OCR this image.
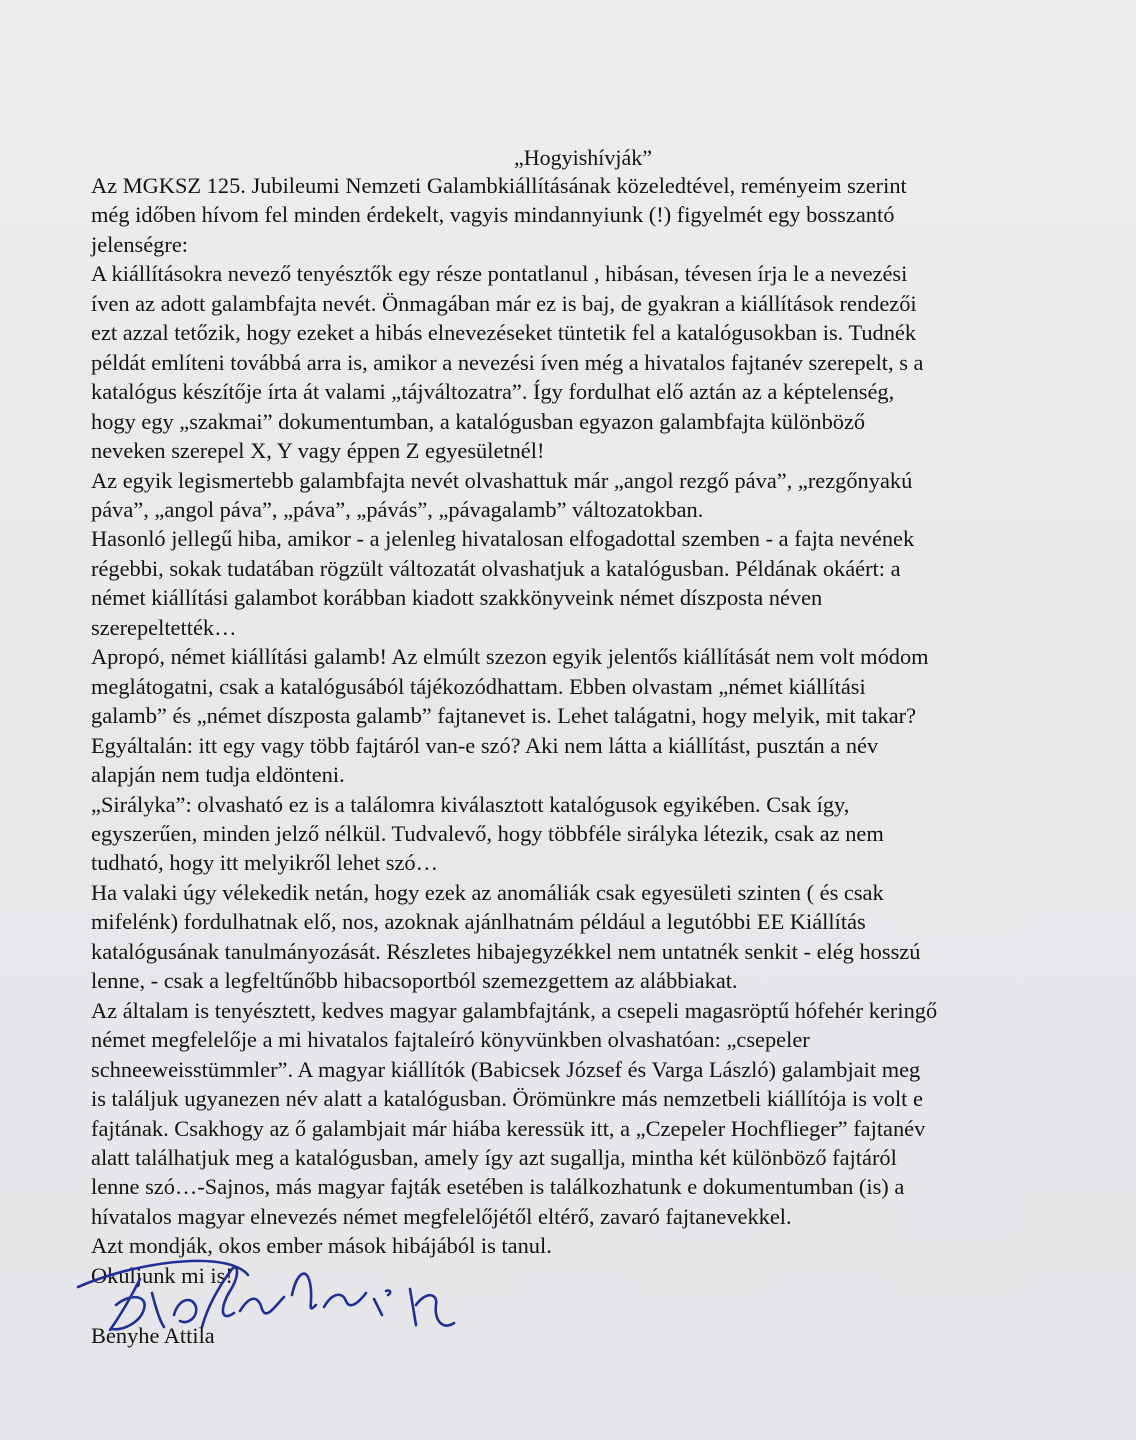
„Hogyishívják”
Az MGKSZ 125. Jubileumi Nemzeti Galambkiállításának közeledtével, reményeim szerint
még időben hívom fel minden érdekelt, vagyis mindannyiunk (!) figyelmét egy bosszantó
jelenségre:
A kiállításokra nevező tenyésztők egy része pontatlanul , hibásan, tévesen írja le a nevezési
íven az adott galambfajta nevét. Önmagában már ez is baj, de gyakran a kiállítások rendezői
ezt azzal tetőzik, hogy ezeket a hibás elnevezéseket tüntetik fel a katalógusokban is. Tudnék
példát említeni továbbá arra is, amikor a nevezési íven még a hivatalos fajtanév szerepelt, s a
katalógus készítője írta át valami „tájváltozatra”. Így fordulhat elő aztán az a képtelenség,
hogy egy „szakmai” dokumentumban, a katalógusban egyazon galambfajta különböző
neveken szerepel X, Y vagy éppen Z egyesületnél!
Az egyik legismertebb galambfajta nevét olvashattuk már „angol rezgő páva”, „rezgőnyakú
páva”, „angol páva”, „páva”, „pávás”, „pávagalamb” változatokban.
Hasonló jellegű hiba, amikor - a jelenleg hivatalosan elfogadottal szemben - a fajta nevének
régebbi, sokak tudatában rögzült változatát olvashatjuk a katalógusban. Példának okáért: a
német kiállítási galambot korábban kiadott szakkönyveink német díszposta néven
szerepeltették…
Apropó, német kiállítási galamb! Az elmúlt szezon egyik jelentős kiállítását nem volt módom
meglátogatni, csak a katalógusából tájékozódhattam. Ebben olvastam „német kiállítási
galamb” és „német díszposta galamb” fajtanevet is. Lehet talágatni, hogy melyik, mit takar?
Egyáltalán: itt egy vagy több fajtáról van-e szó? Aki nem látta a kiállítást, pusztán a név
alapján nem tudja eldönteni.
„Sirályka”: olvasható ez is a találomra kiválasztott katalógusok egyikében. Csak így,
egyszerűen, minden jelző nélkül. Tudvalevő, hogy többféle sirályka létezik, csak az nem
tudható, hogy itt melyikről lehet szó…
Ha valaki úgy vélekedik netán, hogy ezek az anomáliák csak egyesületi szinten ( és csak
mifelénk) fordulhatnak elő, nos, azoknak ajánlhatnám például a legutóbbi EE Kiállítás
katalógusának tanulmányozását. Részletes hibajegyzékkel nem untatnék senkit - elég hosszú
lenne, - csak a legfeltűnőbb hibacsoportból szemezgettem az alábbiakat.
Az általam is tenyésztett, kedves magyar galambfajtánk, a csepeli magasröptű hófehér keringő
német megfelelője a mi hivatalos fajtaleíró könyvünkben olvashatóan: „csepeler
schneeweisstümmler”. A magyar kiállítók (Babicsek József és Varga László) galambjait meg
is találjuk ugyanezen név alatt a katalógusban. Örömünkre más nemzetbeli kiállítója is volt e
fajtának. Csakhogy az ő galambjait már hiába keressük itt, a „Czepeler Hochflieger” fajtanév
alatt találhatjuk meg a katalógusban, amely így azt sugallja, mintha két különböző fajtáról
lenne szó…-Sajnos, más magyar fajták esetében is találkozhatunk e dokumentumban (is) a
hívatalos magyar elnevezés német megfelelőjétől eltérő, zavaró fajtanevekkel.
Azt mondják, okos ember mások hibájából is tanul.
Okuljunk mi is!
Benyhe Attila
